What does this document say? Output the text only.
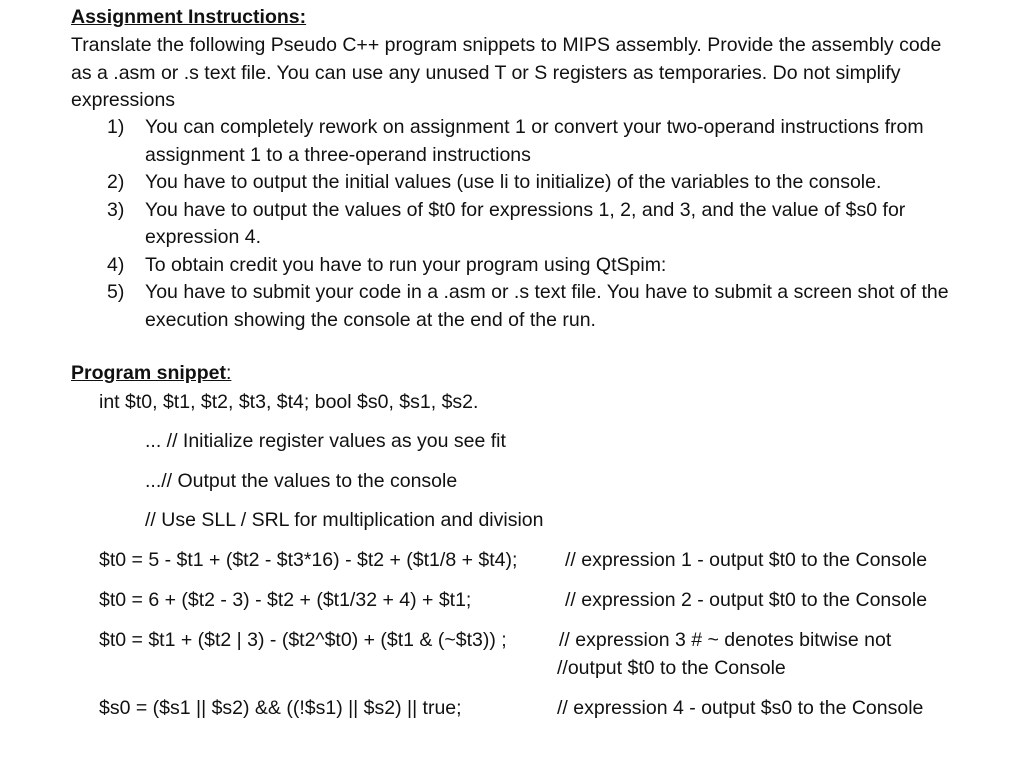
Assignment Instructions:
Translate the following Pseudo C++ program snippets to MIPS assembly. Provide the assembly code as a .asm or .s text file. You can use any unused T or S registers as temporaries. Do not simplify expressions
1) You can completely rework on assignment 1 or convert your two-operand instructions from assignment 1 to a three-operand instructions
2) You have to output the initial values (use li to initialize) of the variables to the console.
3) You have to output the values of $t0 for expressions 1, 2, and 3, and the value of $s0 for expression 4.
4) To obtain credit you have to run your program using QtSpim:
5) You have to submit your code in a .asm or .s text file. You have to submit a screen shot of the execution showing the console at the end of the run.
Program snippet:
int $t0, $t1, $t2, $t3, $t4; bool $s0, $s1, $s2.
... // Initialize register values as you see fit
...// Output the values to the console
// Use SLL / SRL for multiplication and division
$t0 = 5 - $t1 + ($t2 - $t3*16) - $t2 + ($t1/8 + $t4); // expression 1 - output $t0 to the Console
$t0 = 6 + ($t2 - 3) - $t2 + ($t1/32 + 4) + $t1;	// expression 2 - output $t0 to the Console
$t0 = $t1 + ($t2 | 3) - ($t2^$t0) + ($t1 & (~$t3)) ;	// expression 3 # ~ denotes bitwise not
//output $t0 to the Console
$s0 = ($s1 || $s2) && ((!$s1) || $s2) || true;	// expression 4 - output $s0 to the Console
